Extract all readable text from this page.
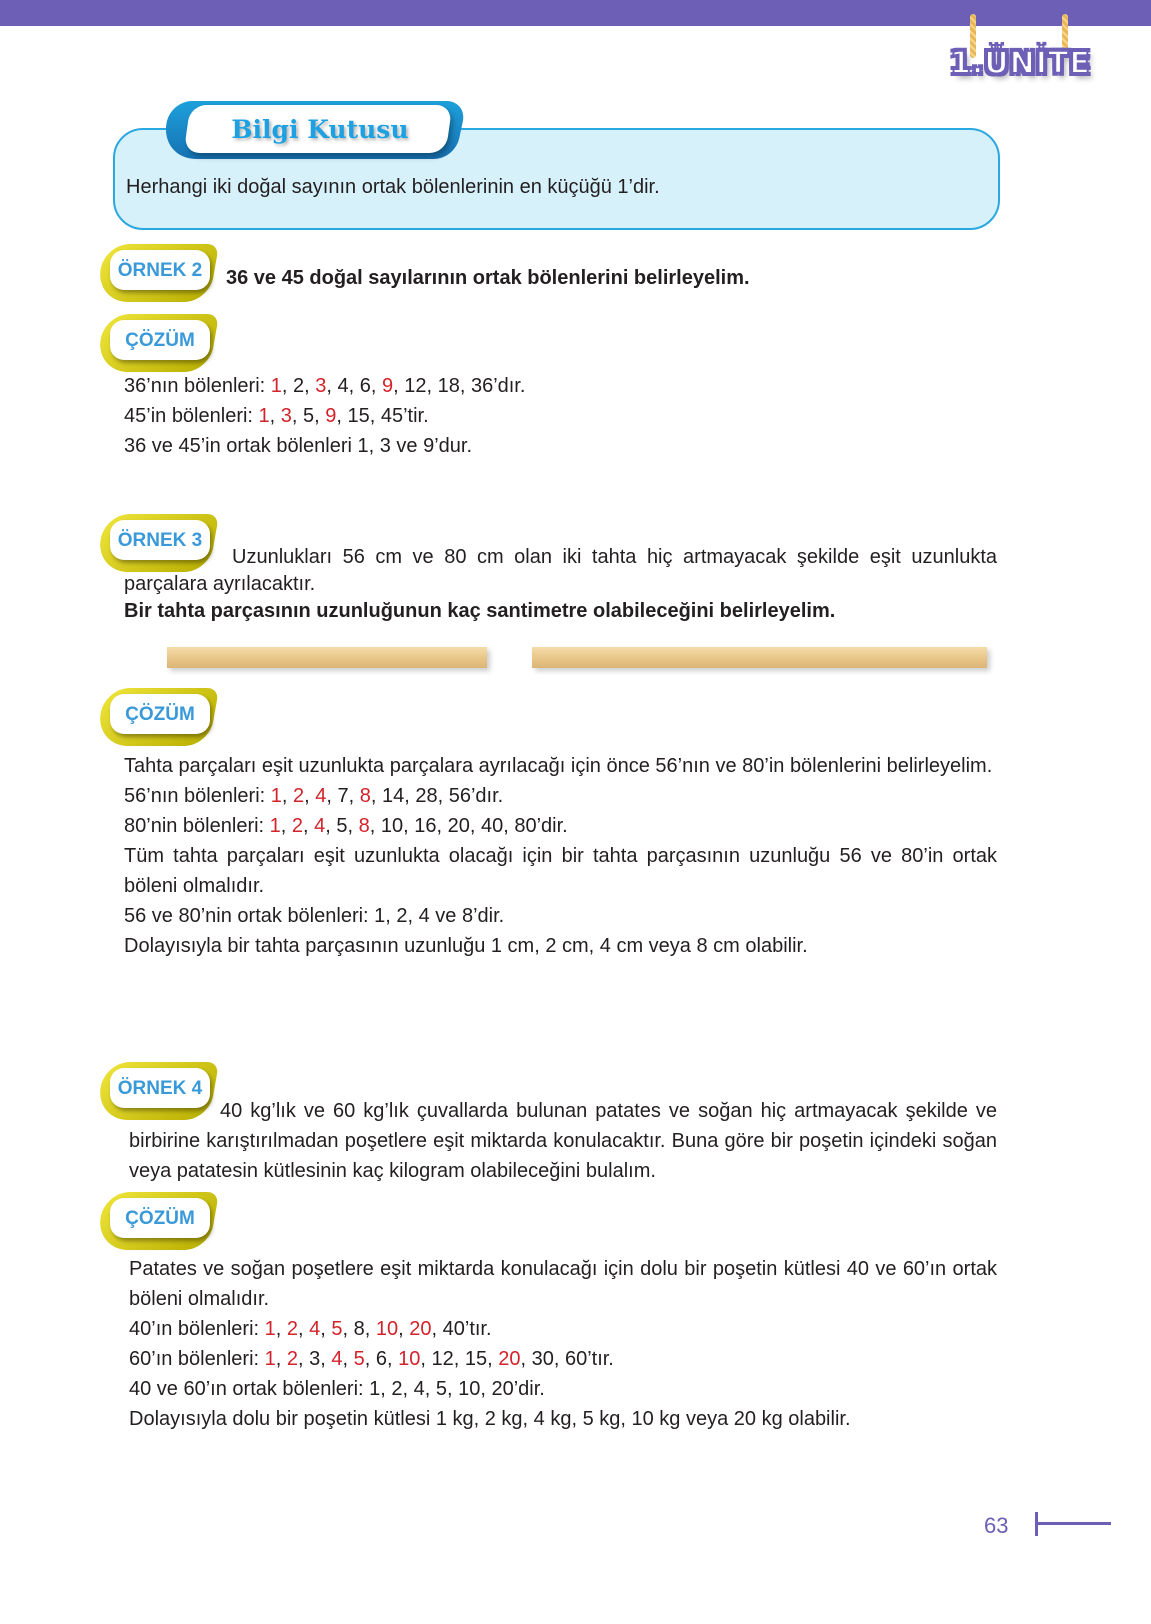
1.ÜNİTE
Bilgi Kutusu
Herhangi iki doğal sayının ortak bölenlerinin en küçüğü 1’dir.
ÖRNEK 2	36 ve 45 doğal sayılarının ortak bölenlerini belirleyelim.
ÇÖZÜM
36’nın bölenleri: 1, 2, 3, 4, 6, 9, 12, 18, 36’dır.
45’in bölenleri: 1, 3, 5, 9, 15, 45’tir.
36 ve 45’in ortak bölenleri 1, 3 ve 9’dur.
ÖRNEK 3
Uzunlukları 56 cm ve 80 cm olan iki tahta hiç artmayacak şekilde eşit uzunlukta parçalara ayrılacaktır.
Bir tahta parçasının uzunluğunun kaç santimetre olabileceğini belirleyelim.
ÇÖZÜM
Tahta parçaları eşit uzunlukta parçalara ayrılacağı için önce 56’nın ve 80’in bölenlerini belirleyelim.
56’nın bölenleri: 1, 2, 4, 7, 8, 14, 28, 56’dır.
80’nin bölenleri: 1, 2, 4, 5, 8, 10, 16, 20, 40, 80’dir.
Tüm tahta parçaları eşit uzunlukta olacağı için bir tahta parçasının uzunluğu 56 ve 80’in ortak böleni olmalıdır.
56 ve 80’nin ortak bölenleri: 1, 2, 4 ve 8’dir.
Dolayısıyla bir tahta parçasının uzunluğu 1 cm, 2 cm, 4 cm veya 8 cm olabilir.
ÖRNEK 4
40 kg’lık ve 60 kg’lık çuvallarda bulunan patates ve soğan hiç artmayacak şekilde ve birbirine karıştırılmadan poşetlere eşit miktarda konulacaktır. Buna göre bir poşetin içindeki soğan veya patatesin kütlesinin kaç kilogram olabileceğini bulalım.
ÇÖZÜM
Patates ve soğan poşetlere eşit miktarda konulacağı için dolu bir poşetin kütlesi 40 ve 60’ın ortak böleni olmalıdır.
40’ın bölenleri: 1, 2, 4, 5, 8, 10, 20, 40’tır.
60’ın bölenleri: 1, 2, 3, 4, 5, 6, 10, 12, 15, 20, 30, 60’tır.
40 ve 60’ın ortak bölenleri: 1, 2, 4, 5, 10, 20’dir.
Dolayısıyla dolu bir poşetin kütlesi 1 kg, 2 kg, 4 kg, 5 kg, 10 kg veya 20 kg olabilir.
63
